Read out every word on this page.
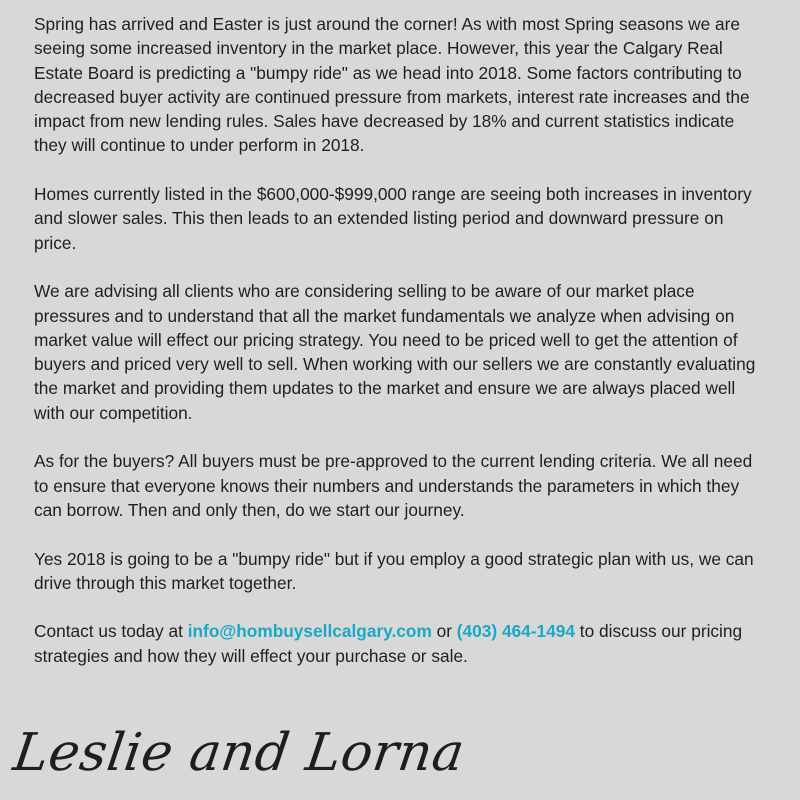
Spring has arrived and Easter is just around the corner! As with most Spring seasons we are seeing some increased inventory in the market place. However, this year the Calgary Real Estate Board is predicting a "bumpy ride" as we head into 2018. Some factors contributing to decreased buyer activity are continued pressure from markets, interest rate increases and the impact from new lending rules. Sales have decreased by 18% and current statistics indicate they will continue to under perform in 2018.

Homes currently listed in the $600,000-$999,000 range are seeing both increases in inventory and slower sales. This then leads to an extended listing period and downward pressure on price.

We are advising all clients who are considering selling to be aware of our market place pressures and to understand that all the market fundamentals we analyze when advising on market value will effect our pricing strategy. You need to be priced well to get the attention of buyers and priced very well to sell. When working with our sellers we are constantly evaluating the market and providing them updates to the market and ensure we are always placed well with our competition.

As for the buyers? All buyers must be pre-approved to the current lending criteria. We all need to ensure that everyone knows their numbers and understands the parameters in which they can borrow. Then and only then, do we start our journey.

Yes 2018 is going to be a "bumpy ride" but if you employ a good strategic plan with us, we can drive through this market together.

Contact us today at info@hombuysellcalgary.com or (403) 464-1494 to discuss our pricing strategies and how they will effect your purchase or sale.

Leslie and Lorna
